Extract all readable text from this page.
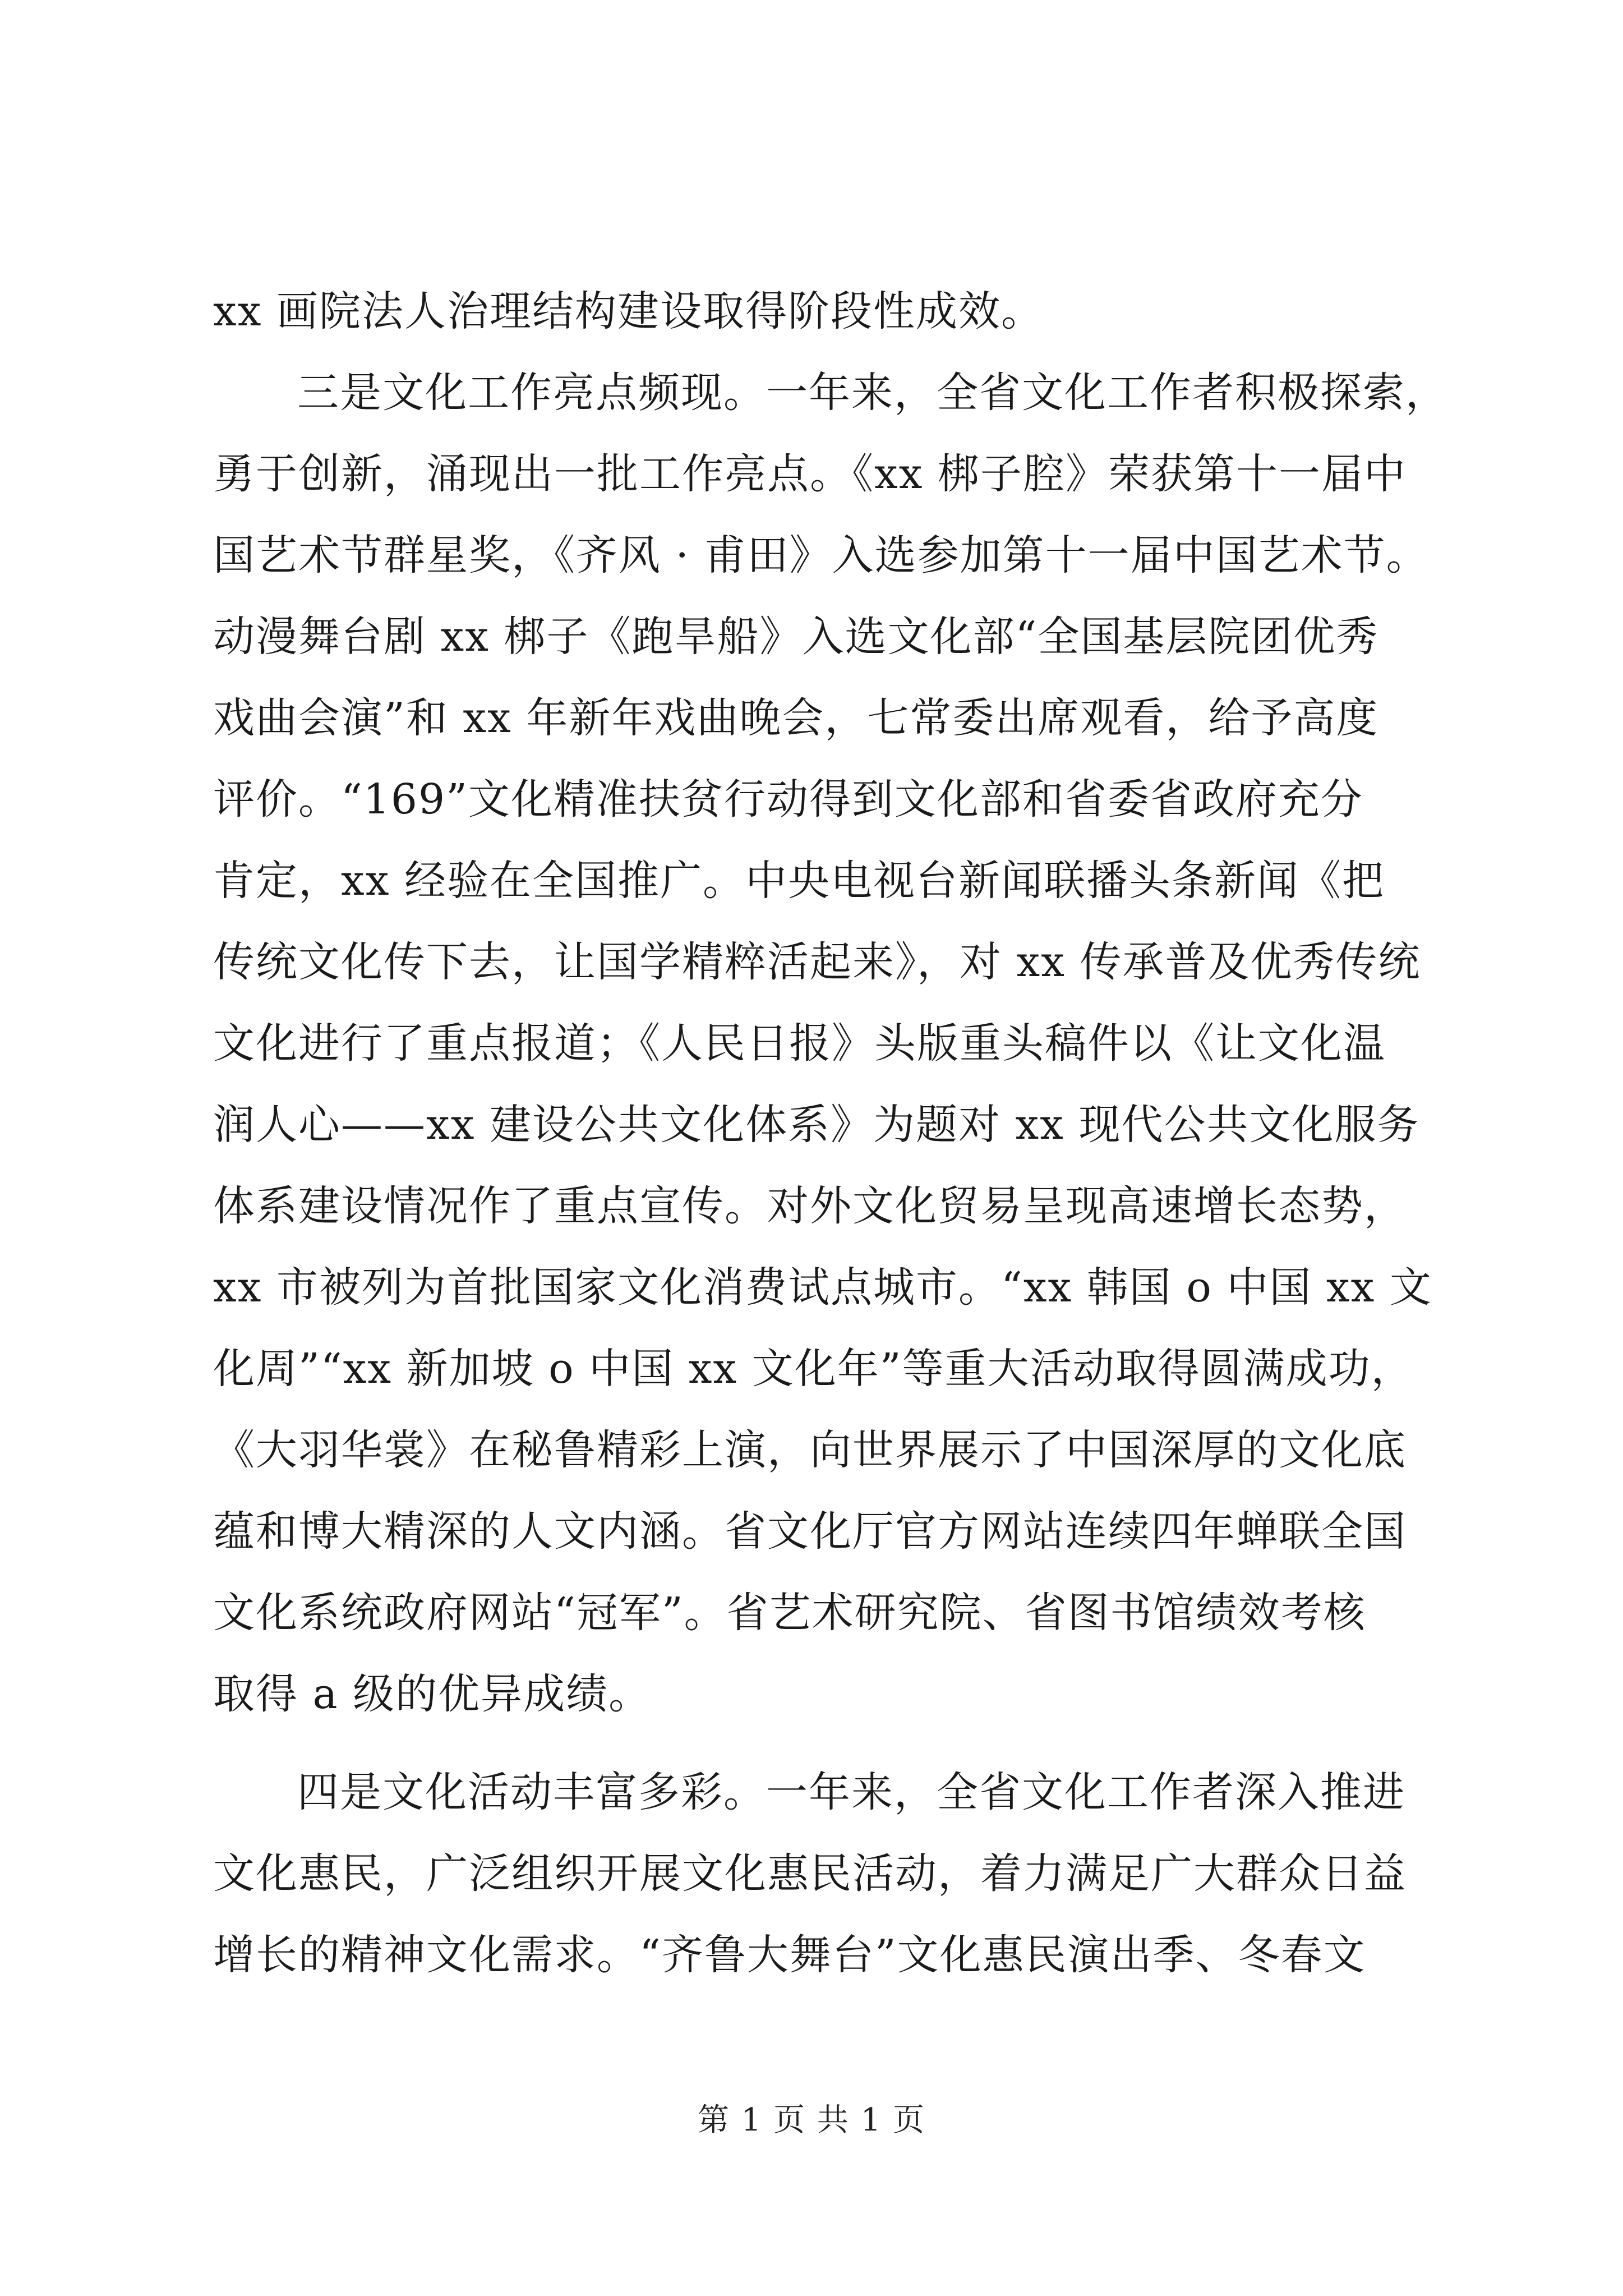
xx 画院法人治理结构建设取得阶段性成效。
三是文化工作亮点频现。一年来，全省文化工作者积极探索，
勇于创新，涌现出一批工作亮点。《xx 梆子腔》荣获第十一届中
国艺术节群星奖，《齐风 · 甫田》入选参加第十一届中国艺术节。
动漫舞台剧 xx 梆子《跑旱船》入选文化部“全国基层院团优秀
戏曲会演”和 xx 年新年戏曲晚会，七常委出席观看，给予高度
评价。“169”文化精准扶贫行动得到文化部和省委省政府充分
肯定，xx 经验在全国推广。中央电视台新闻联播头条新闻《把
传统文化传下去，让国学精粹活起来》，对 xx 传承普及优秀传统
文化进行了重点报道；《人民日报》头版重头稿件以《让文化温
润人心——xx 建设公共文化体系》为题对 xx 现代公共文化服务
体系建设情况作了重点宣传。对外文化贸易呈现高速增长态势，
xx 市被列为首批国家文化消费试点城市。“xx 韩国 o 中国 xx 文
化周”“xx 新加坡 o 中国 xx 文化年”等重大活动取得圆满成功，
《大羽华裳》在秘鲁精彩上演，向世界展示了中国深厚的文化底
蕴和博大精深的人文内涵。省文化厅官方网站连续四年蝉联全国
文化系统政府网站“冠军”。省艺术研究院、省图书馆绩效考核
取得 a 级的优异成绩。
四是文化活动丰富多彩。一年来，全省文化工作者深入推进
文化惠民，广泛组织开展文化惠民活动，着力满足广大群众日益
增长的精神文化需求。“齐鲁大舞台”文化惠民演出季、冬春文
第 1 页 共 1 页
